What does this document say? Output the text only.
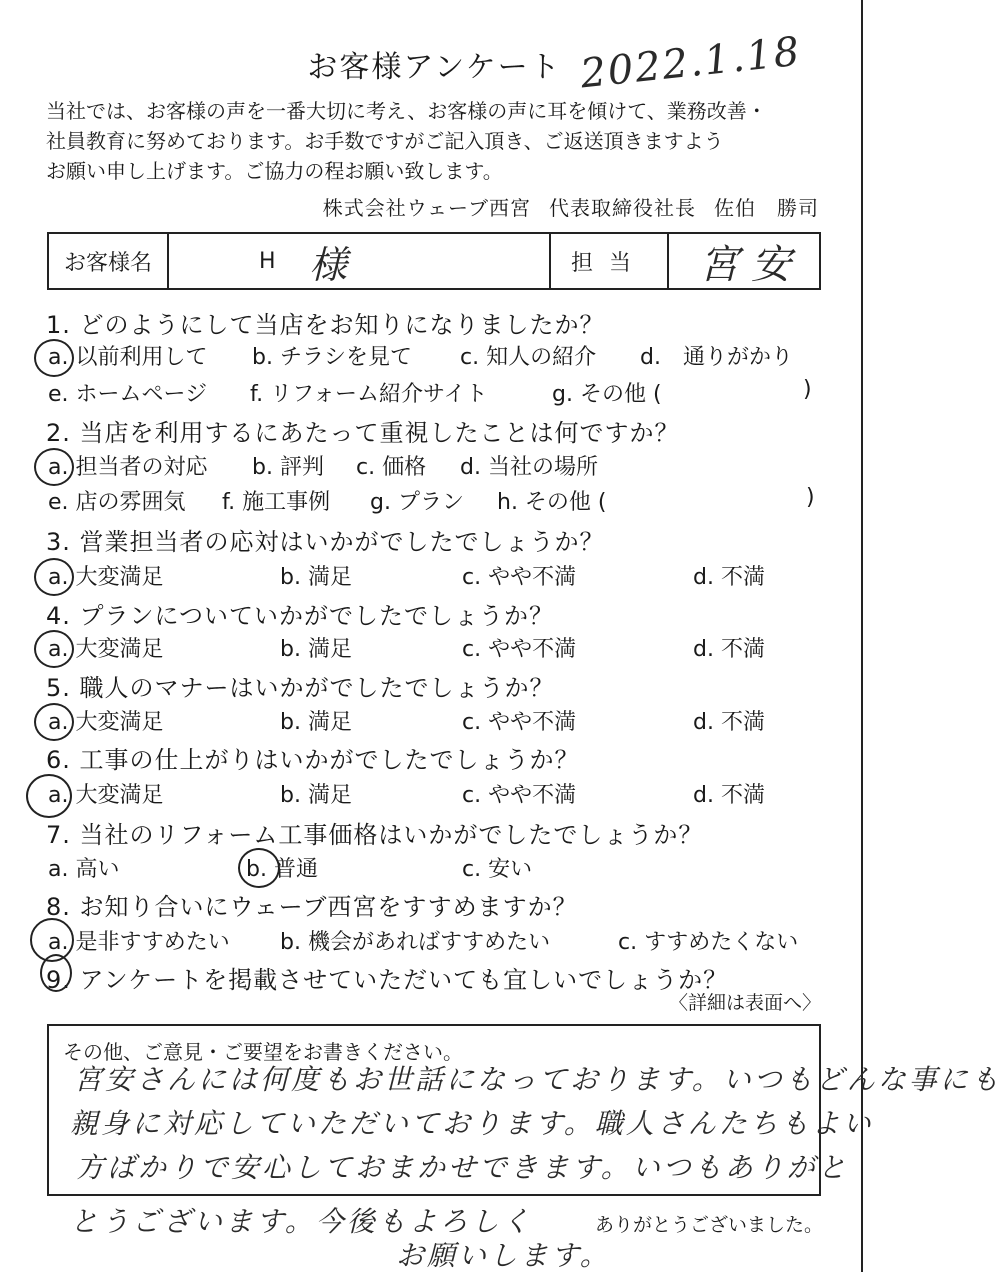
お客様アンケート 2022.1.18
当社では、お客様の声を一番大切に考え、お客様の声に耳を傾けて、業務改善・
社員教育に努めております。お手数ですがご記入頂き、ご返送頂きますよう
お願い申し上げます。ご協力の程お願い致します。
株式会社ウェーブ西宮 代表取締役社長 佐伯　勝司
お客様名	H 様	担当	宮安
1. どのようにして当店をお知りになりましたか？
a. 以前利用して b. チラシを見て c. 知人の紹介 d.　通りがかり
e. ホームページ f. リフォーム紹介サイト	g. その他 (	)
2. 当店を利用するにあたって重視したことは何ですか？
a. 担当者の対応 b. 評判 c. 価格 d. 当社の場所
e. 店の雰囲気 f. 施工事例 g. プラン h. その他 (	)
3. 営業担当者の応対はいかがでしたでしょうか？
a. 大変満足	b. 満足	c. やや不満	d. 不満
4. プランについていかがでしたでしょうか？
a. 大変満足	b. 満足	c. やや不満	d. 不満
5. 職人のマナーはいかがでしたでしょうか？
a. 大変満足	b. 満足	c. やや不満	d. 不満
6. 工事の仕上がりはいかがでしたでしょうか？
a. 大変満足	b. 満足	c. やや不満	d. 不満
7. 当社のリフォーム工事価格はいかがでしたでしょうか？
a. 高い	b. 普通	c. 安い
8. お知り合いにウェーブ西宮をすすめますか？
a. 是非すすめたい b. 機会があればすすめたい	c. すすめたくない
9. アンケートを掲載させていただいても宜しいでしょうか？
〈詳細は表面へ〉
その他、ご意見・ご要望をお書きください。
宮安さんには何度もお世話になっております。いつもどんな事にも
親身に対応していただいております。職人さんたちもよい
方ばかりで安心しておまかせできます。いつもありがと
とうございます。今後もよろしく
お願いします。
ありがとうございました。
